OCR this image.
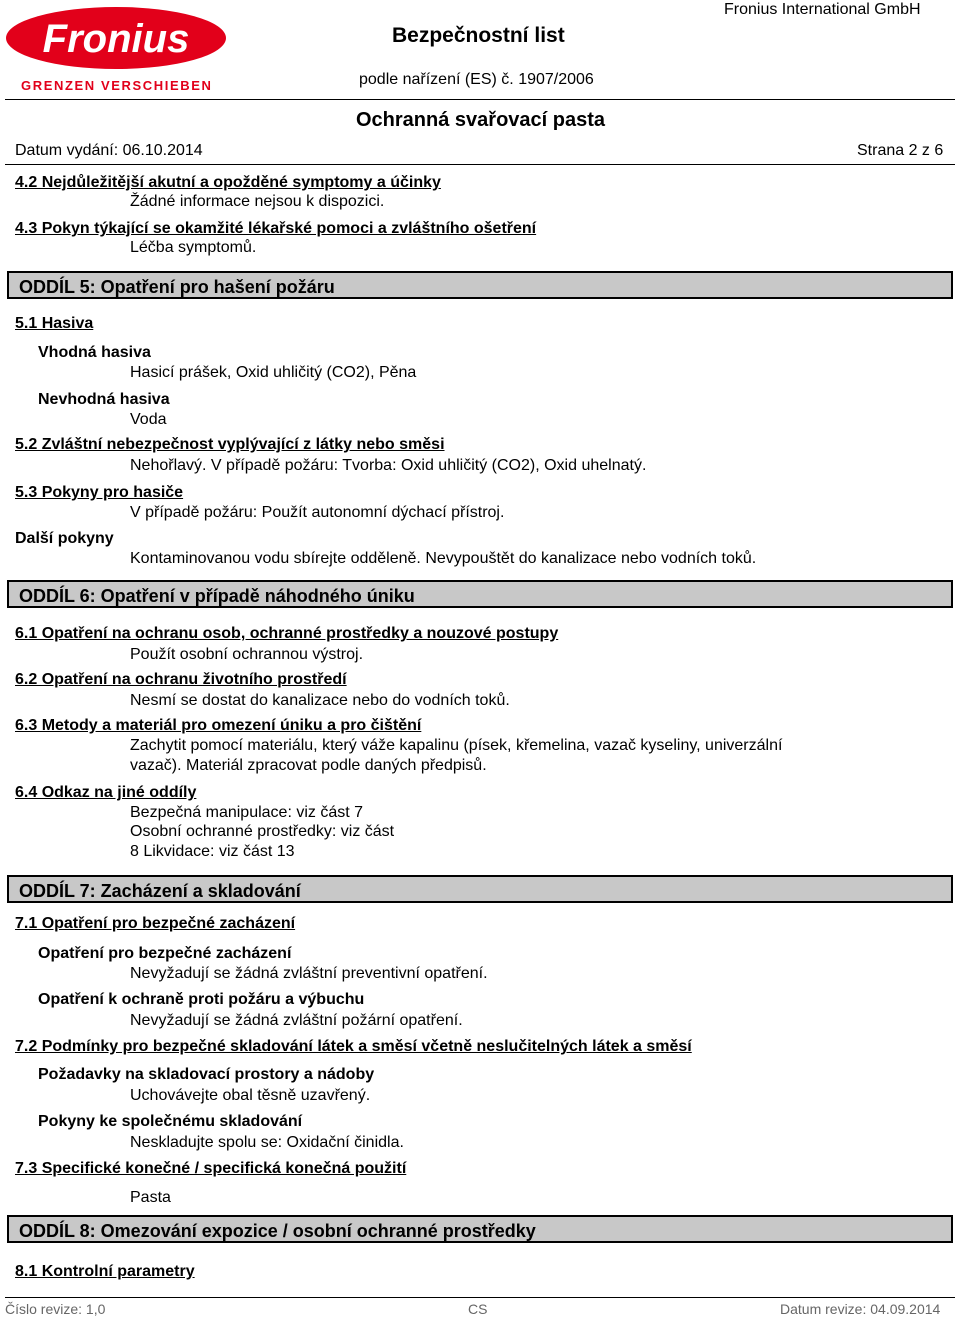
Fronius
GRENZEN VERSCHIEBEN
Bezpečnostní list
Fronius International GmbH
podle nařízení (ES) č. 1907/2006
Ochranná svařovací pasta
Datum vydání: 06.10.2014	Strana 2 z 6
4.2 Nejdůležitější akutní a opožděné symptomy a účinky
Žádné informace nejsou k dispozici.
4.3 Pokyn týkající se okamžité lékařské pomoci a zvláštního ošetření
Léčba symptomů.
ODDÍL 5: Opatření pro hašení požáru
5.1 Hasiva
Vhodná hasiva
Hasicí prášek, Oxid uhličitý (CO2), Pěna
Nevhodná hasiva
Voda
5.2 Zvláštní nebezpečnost vyplývající z látky nebo směsi
Nehořlavý. V případě požáru: Tvorba: Oxid uhličitý (CO2), Oxid uhelnatý.
5.3 Pokyny pro hasiče
V případě požáru: Použít autonomní dýchací přístroj.
Další pokyny
Kontaminovanou vodu sbírejte odděleně. Nevypouštět do kanalizace nebo vodních toků.
ODDÍL 6: Opatření v případě náhodného úniku
6.1 Opatření na ochranu osob, ochranné prostředky a nouzové postupy
Použít osobní ochrannou výstroj.
6.2 Opatření na ochranu životního prostředí
Nesmí se dostat do kanalizace nebo do vodních toků.
6.3 Metody a materiál pro omezení úniku a pro čištění
Zachytit pomocí materiálu, který váže kapalinu (písek, křemelina, vazač kyseliny, univerzální vazač). Materiál zpracovat podle daných předpisů.
6.4 Odkaz na jiné oddíly
Bezpečná manipulace: viz část 7
Osobní ochranné prostředky: viz část
8 Likvidace: viz část 13
ODDÍL 7: Zacházení a skladování
7.1 Opatření pro bezpečné zacházení
Opatření pro bezpečné zacházení
Nevyžadují se žádná zvláštní preventivní opatření.
Opatření k ochraně proti požáru a výbuchu
Nevyžadují se žádná zvláštní požární opatření.
7.2 Podmínky pro bezpečné skladování látek a směsí včetně neslučitelných látek a směsí
Požadavky na skladovací prostory a nádoby
Uchovávejte obal těsně uzavřený.
Pokyny ke společnému skladování
Neskladujte spolu se: Oxidační činidla.
7.3 Specifické konečné / specifická konečná použití
Pasta
ODDÍL 8: Omezování expozice / osobní ochranné prostředky
8.1 Kontrolní parametry
Číslo revize: 1,0	CS	Datum revize: 04.09.2014
